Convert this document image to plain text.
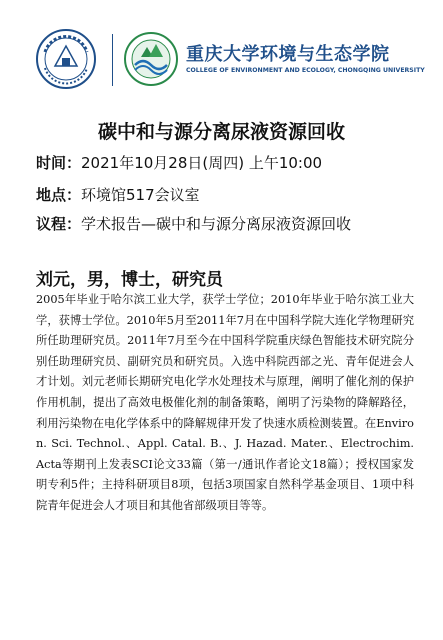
重庆大学环境与生态学院
COLLEGE OF ENVIRONMENT AND ECOLOGY, CHONGQING UNIVERSITY
碳中和与源分离尿液资源回收
时间：2021年10月28日(周四) 上午10:00
地点：环境馆517会议室
议程：学术报告—碳中和与源分离尿液资源回收
刘元，男，博士，研究员
2005年毕业于哈尔滨工业大学，获学士学位；2010年毕业于哈尔滨工业大学，获博士学位。2010年5月至2011年7月在中国科学院大连化学物理研究所任助理研究员。2011年7月至今在中国科学院重庆绿色智能技术研究院分别任助理研究员、副研究员和研究员。入选中科院西部之光、青年促进会人才计划。刘元老师长期研究电化学水处理技术与原理，阐明了催化剂的保护作用机制，提出了高效电极催化剂的制备策略，阐明了污染物的降解路径，利用污染物在电化学体系中的降解规律开发了快速水质检测装置。在Environ. Sci. Technol.、Appl. Catal. B.、J. Hazad. Mater.、Electrochim. Acta等期刊上发表SCI论文33篇（第一/通讯作者论文18篇）；授权国家发明专利5件；主持科研项目8项，包括3项国家自然科学基金项目、1项中科院青年促进会人才项目和其他省部级项目等等。
